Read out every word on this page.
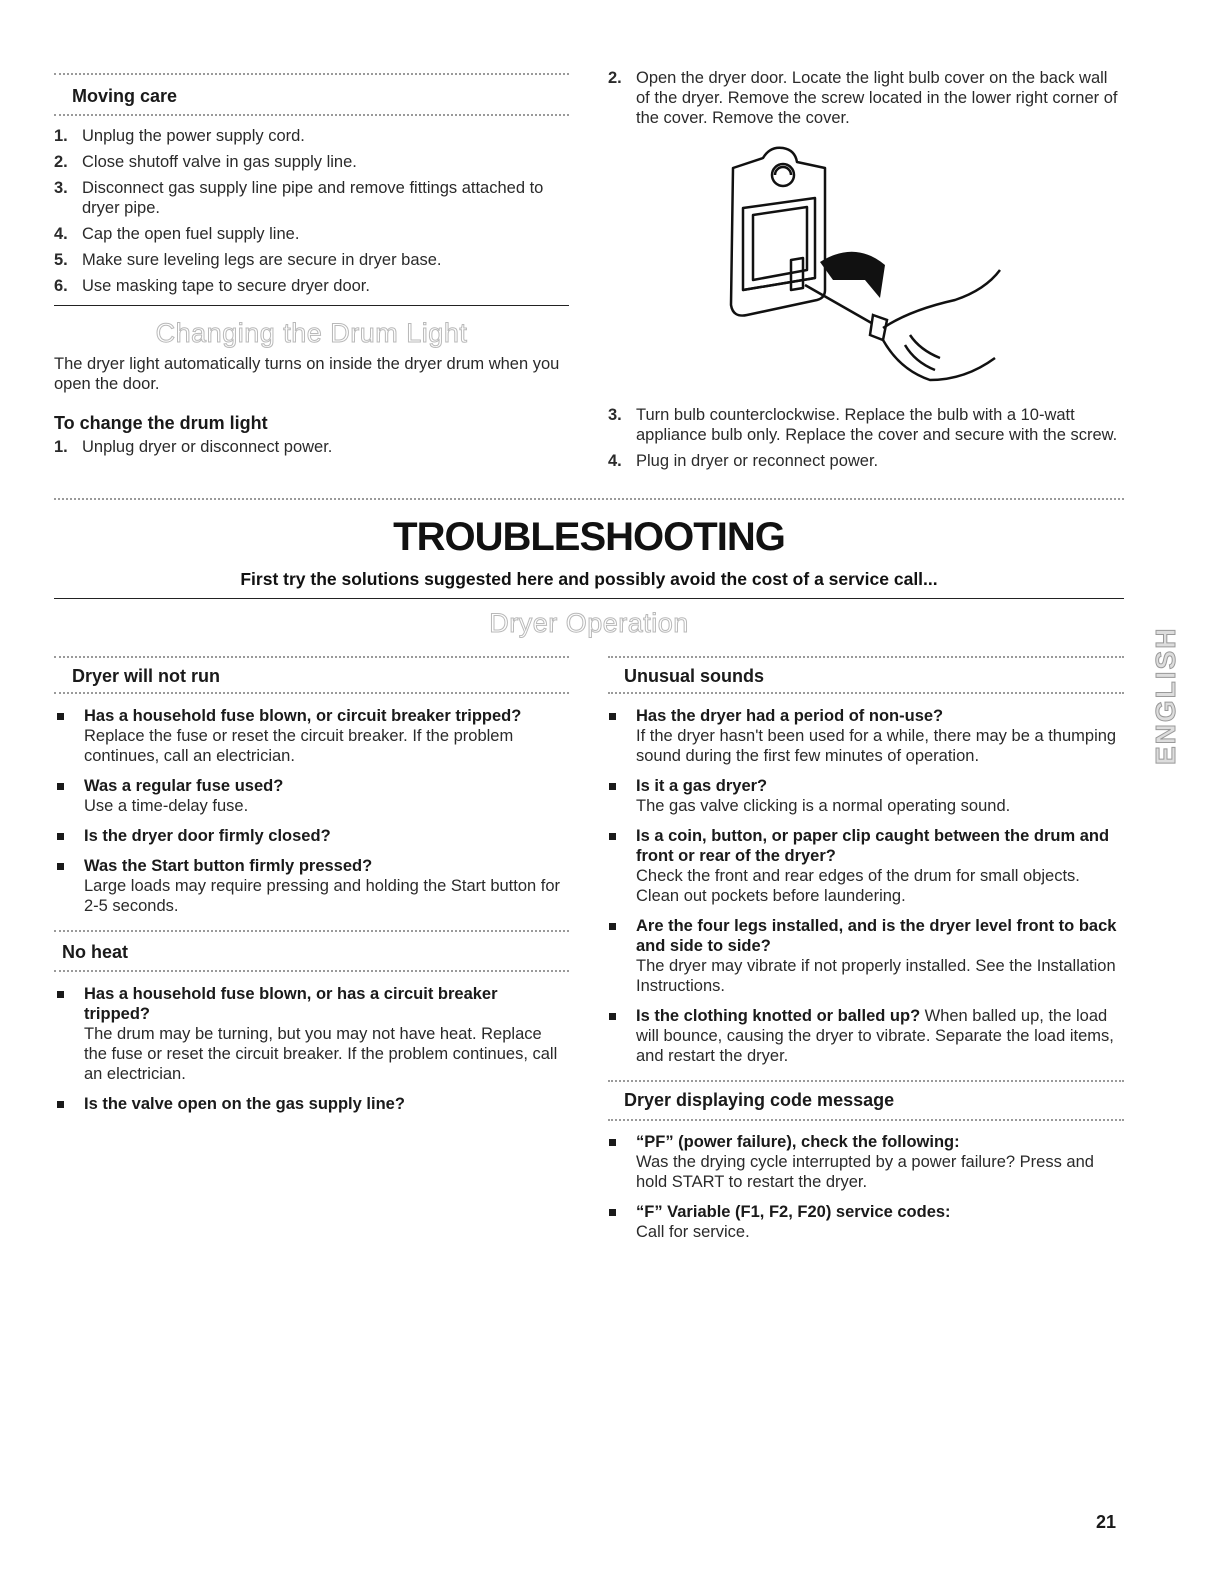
Moving care
1. Unplug the power supply cord.
2. Close shutoff valve in gas supply line.
3. Disconnect gas supply line pipe and remove fittings attached to dryer pipe.
4. Cap the open fuel supply line.
5. Make sure leveling legs are secure in dryer base.
6. Use masking tape to secure dryer door.
Changing the Drum Light
The dryer light automatically turns on inside the dryer drum when you open the door.
To change the drum light
1. Unplug dryer or disconnect power.
2. Open the dryer door. Locate the light bulb cover on the back wall of the dryer. Remove the screw located in the lower right corner of the cover. Remove the cover.
3. Turn bulb counterclockwise. Replace the bulb with a 10-watt appliance bulb only. Replace the cover and secure with the screw.
4. Plug in dryer or reconnect power.
TROUBLESHOOTING
First try the solutions suggested here and possibly avoid the cost of a service call...
Dryer Operation
Dryer will not run
Has a household fuse blown, or circuit breaker tripped?
Replace the fuse or reset the circuit breaker. If the problem continues, call an electrician.
Was a regular fuse used?
Use a time-delay fuse.
Is the dryer door firmly closed?
Was the Start button firmly pressed?
Large loads may require pressing and holding the Start button for 2-5 seconds.
No heat
Has a household fuse blown, or has a circuit breaker tripped?
The drum may be turning, but you may not have heat. Replace the fuse or reset the circuit breaker. If the problem continues, call an electrician.
Is the valve open on the gas supply line?
Unusual sounds
Has the dryer had a period of non-use?
If the dryer hasn't been used for a while, there may be a thumping sound during the first few minutes of operation.
Is it a gas dryer?
The gas valve clicking is a normal operating sound.
Is a coin, button, or paper clip caught between the drum and front or rear of the dryer?
Check the front and rear edges of the drum for small objects. Clean out pockets before laundering.
Are the four legs installed, and is the dryer level front to back and side to side?
The dryer may vibrate if not properly installed. See the Installation Instructions.
Is the clothing knotted or balled up? When balled up, the load will bounce, causing the dryer to vibrate. Separate the load items, and restart the dryer.
Dryer displaying code message
“PF” (power failure), check the following:
Was the drying cycle interrupted by a power failure? Press and hold START to restart the dryer.
“F” Variable (F1, F2, F20) service codes:
Call for service.
ENGLISH
21
